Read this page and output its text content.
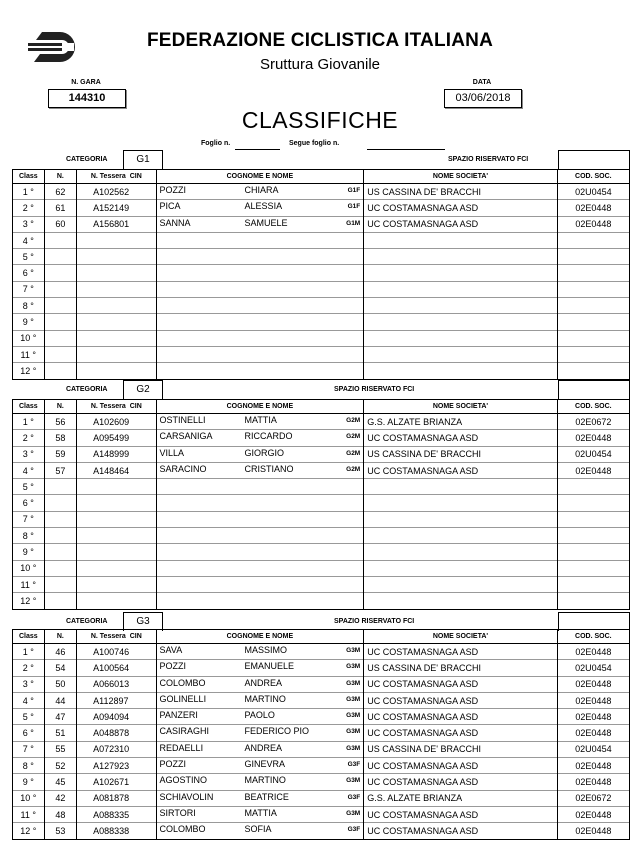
FEDERAZIONE CICLISTICA ITALIANA
Sruttura Giovanile
N. GARA
144310
DATA
03/06/2018
CLASSIFICHE
Foglio n.	Segue foglio n.
CATEGORIA	G1	SPAZIO RISERVATO FCI
Class	N.	N. Tessera CIN	COGNOME E NOME	NOME SOCIETA'	COD. SOC.
1 °	62	A102562	POZZI CHIARA G1F	US CASSINA DE' BRACCHI	02U0454
2 °	61	A152149	PICA ALESSIA G1F	UC COSTAMASNAGA ASD	02E0448
3 °	60	A156801	SANNA SAMUELE G1M	UC COSTAMASNAGA ASD	02E0448
4 °			

5 °			

6 °			

7 °			

8 °			

9 °			

10 °			

11 °			

12 °			

CATEGORIA	G2	SPAZIO RISERVATO FCI
Class	N.	N. Tessera CIN	COGNOME E NOME	NOME SOCIETA'	COD. SOC.
1 °	56	A102609	OSTINELLI MATTIA G2M	G.S. ALZATE BRIANZA	02E0672
2 °	58	A095499	CARSANIGA RICCARDO G2M	UC COSTAMASNAGA ASD	02E0448
3 °	59	A148999	VILLA GIORGIO G2M	US CASSINA DE' BRACCHI	02U0454
4 °	57	A148464	SARACINO CRISTIANO G2M	UC COSTAMASNAGA ASD	02E0448
5 °			

6 °			

7 °			

8 °			

9 °			

10 °			

11 °			

12 °			

CATEGORIA	G3	SPAZIO RISERVATO FCI
Class	N.	N. Tessera CIN	COGNOME E NOME	NOME SOCIETA'	COD. SOC.
1 °	46	A100746	SAVA MASSIMO G3M	UC COSTAMASNAGA ASD	02E0448
2 °	54	A100564	POZZI EMANUELE G3M	US CASSINA DE' BRACCHI	02U0454
3 °	50	A066013	COLOMBO ANDREA G3M	UC COSTAMASNAGA ASD	02E0448
4 °	44	A112897	GOLINELLI MARTINO G3M	UC COSTAMASNAGA ASD	02E0448
5 °	47	A094094	PANZERI PAOLO G3M	UC COSTAMASNAGA ASD	02E0448
6 °	51	A048878	CASIRAGHI FEDERICO PIO G3M	UC COSTAMASNAGA ASD	02E0448
7 °	55	A072310	REDAELLI ANDREA G3M	US CASSINA DE' BRACCHI	02U0454
8 °	52	A127923	POZZI GINEVRA G3F	UC COSTAMASNAGA ASD	02E0448
9 °	45	A102671	AGOSTINO MARTINO G3M	UC COSTAMASNAGA ASD	02E0448
10 °	42	A081878	SCHIAVOLIN BEATRICE G3F	G.S. ALZATE BRIANZA	02E0672
11 °	48	A088335	SIRTORI MATTIA G3M	UC COSTAMASNAGA ASD	02E0448
12 °	53	A088338	COLOMBO SOFIA G3F	UC COSTAMASNAGA ASD	02E0448
